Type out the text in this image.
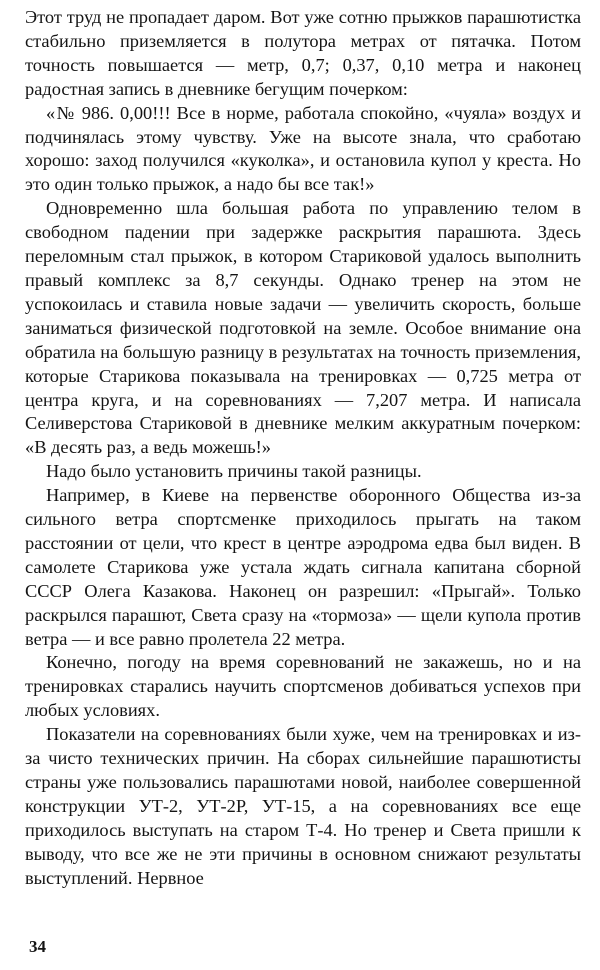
Этот труд не пропадает даром. Вот уже сотню прыжков парашютистка стабильно приземляется в полутора метрах от пятачка. Потом точность повышается — метр, 0,7; 0,37, 0,10 метра и наконец радостная запись в дневнике бегущим почерком:

«№ 986. 0,00!!! Все в норме, работала спокойно, «чуяла» воздух и подчинялась этому чувству. Уже на высоте знала, что сработаю хорошо: заход получился «куколка», и остановила купол у креста. Но это один только прыжок, а надо бы все так!»

Одновременно шла большая работа по управлению телом в свободном падении при задержке раскрытия парашюта. Здесь переломным стал прыжок, в котором Стариковой удалось выполнить правый комплекс за 8,7 секунды. Однако тренер на этом не успокоилась и ставила новые задачи — увеличить скорость, больше заниматься физической подготовкой на земле. Особое внимание она обратила на большую разницу в результатах на точность приземления, которые Старикова показывала на тренировках — 0,725 метра от центра круга, и на соревнованиях — 7,207 метра. И написала Селиверстова Стариковой в дневнике мелким аккуратным почерком: «В десять раз, а ведь можешь!»

Надо было установить причины такой разницы.

Например, в Киеве на первенстве оборонного Общества из-за сильного ветра спортсменке приходилось прыгать на таком расстоянии от цели, что крест в центре аэродрома едва был виден. В самолете Старикова уже устала ждать сигнала капитана сборной СССР Олега Казакова. Наконец он разрешил: «Прыгай». Только раскрылся парашют, Света сразу на «тормоза» — щели купола против ветра — и все равно пролетела 22 метра.

Конечно, погоду на время соревнований не закажешь, но и на тренировках старались научить спортсменов добиваться успехов при любых условиях.

Показатели на соревнованиях были хуже, чем на тренировках и из-за чисто технических причин. На сборах сильнейшие парашютисты страны уже пользовались парашютами новой, наиболее совершенной конструкции УТ-2, УТ-2Р, УТ-15, а на соревнованиях все еще приходилось выступать на старом Т-4. Но тренер и Света пришли к выводу, что все же не эти причины в основном снижают результаты выступлений. Нервное

34
